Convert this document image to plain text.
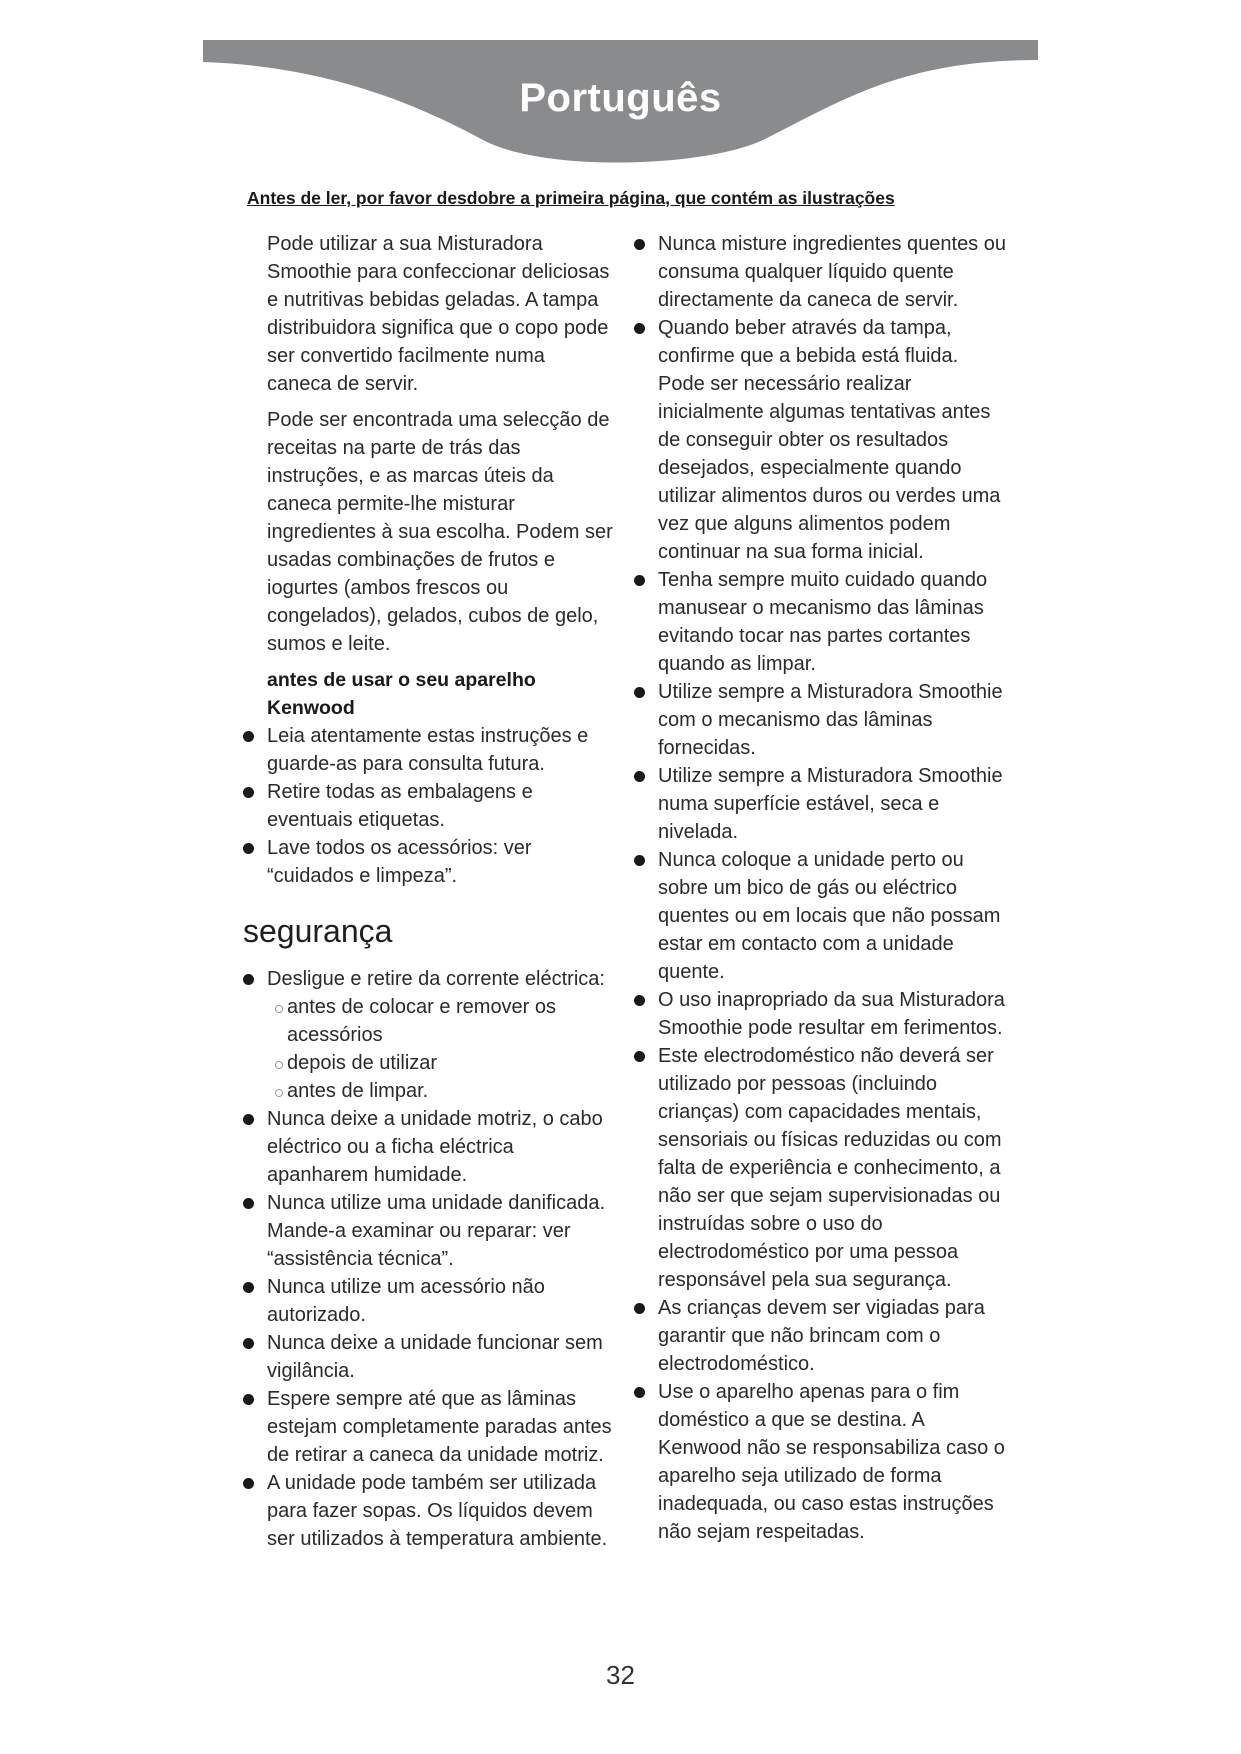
Português
Antes de ler, por favor desdobre a primeira página, que contém as ilustrações

Pode utilizar a sua Misturadora Smoothie para confeccionar deliciosas e nutritivas bebidas geladas. A tampa distribuidora significa que o copo pode ser convertido facilmente numa caneca de servir.

Pode ser encontrada uma selecção de receitas na parte de trás das instruções, e as marcas úteis da caneca permite-lhe misturar ingredientes à sua escolha. Podem ser usadas combinações de frutos e iogurtes (ambos frescos ou congelados), gelados, cubos de gelo, sumos e leite.

antes de usar o seu aparelho Kenwood

Leia atentamente estas instruções e guarde-as para consulta futura.
Retire todas as embalagens e eventuais etiquetas.
Lave todos os acessórios: ver “cuidados e limpeza”.
segurança
Desligue e retire da corrente eléctrica:
antes de colocar e remover os acessórios
depois de utilizar
antes de limpar.
Nunca deixe a unidade motriz, o cabo eléctrico ou a ficha eléctrica apanharem humidade.
Nunca utilize uma unidade danificada. Mande-a examinar ou reparar: ver “assistência técnica”.
Nunca utilize um acessório não autorizado.
Nunca deixe a unidade funcionar sem vigilância.
Espere sempre até que as lâminas estejam completamente paradas antes de retirar a caneca da unidade motriz.
A unidade pode também ser utilizada para fazer sopas. Os líquidos devem ser utilizados à temperatura ambiente.
Nunca misture ingredientes quentes ou consuma qualquer líquido quente directamente da caneca de servir.
Quando beber através da tampa, confirme que a bebida está fluida. Pode ser necessário realizar inicialmente algumas tentativas antes de conseguir obter os resultados desejados, especialmente quando utilizar alimentos duros ou verdes uma vez que alguns alimentos podem continuar na sua forma inicial.
Tenha sempre muito cuidado quando manusear o mecanismo das lâminas evitando tocar nas partes cortantes quando as limpar.
Utilize sempre a Misturadora Smoothie com o mecanismo das lâminas fornecidas.
Utilize sempre a Misturadora Smoothie numa superfície estável, seca e nivelada.
Nunca coloque a unidade perto ou sobre um bico de gás ou eléctrico quentes ou em locais que não possam estar em contacto com a unidade quente.
O uso inapropriado da sua Misturadora Smoothie pode resultar em ferimentos.
Este electrodoméstico não deverá ser utilizado por pessoas (incluindo crianças) com capacidades mentais, sensoriais ou físicas reduzidas ou com falta de experiência e conhecimento, a não ser que sejam supervisionadas ou instruídas sobre o uso do electrodoméstico por uma pessoa responsável pela sua segurança.
As crianças devem ser vigiadas para garantir que não brincam com o electrodoméstico.
Use o aparelho apenas para o fim doméstico a que se destina. A Kenwood não se responsabiliza caso o aparelho seja utilizado de forma inadequada, ou caso estas instruções não sejam respeitadas.
32
